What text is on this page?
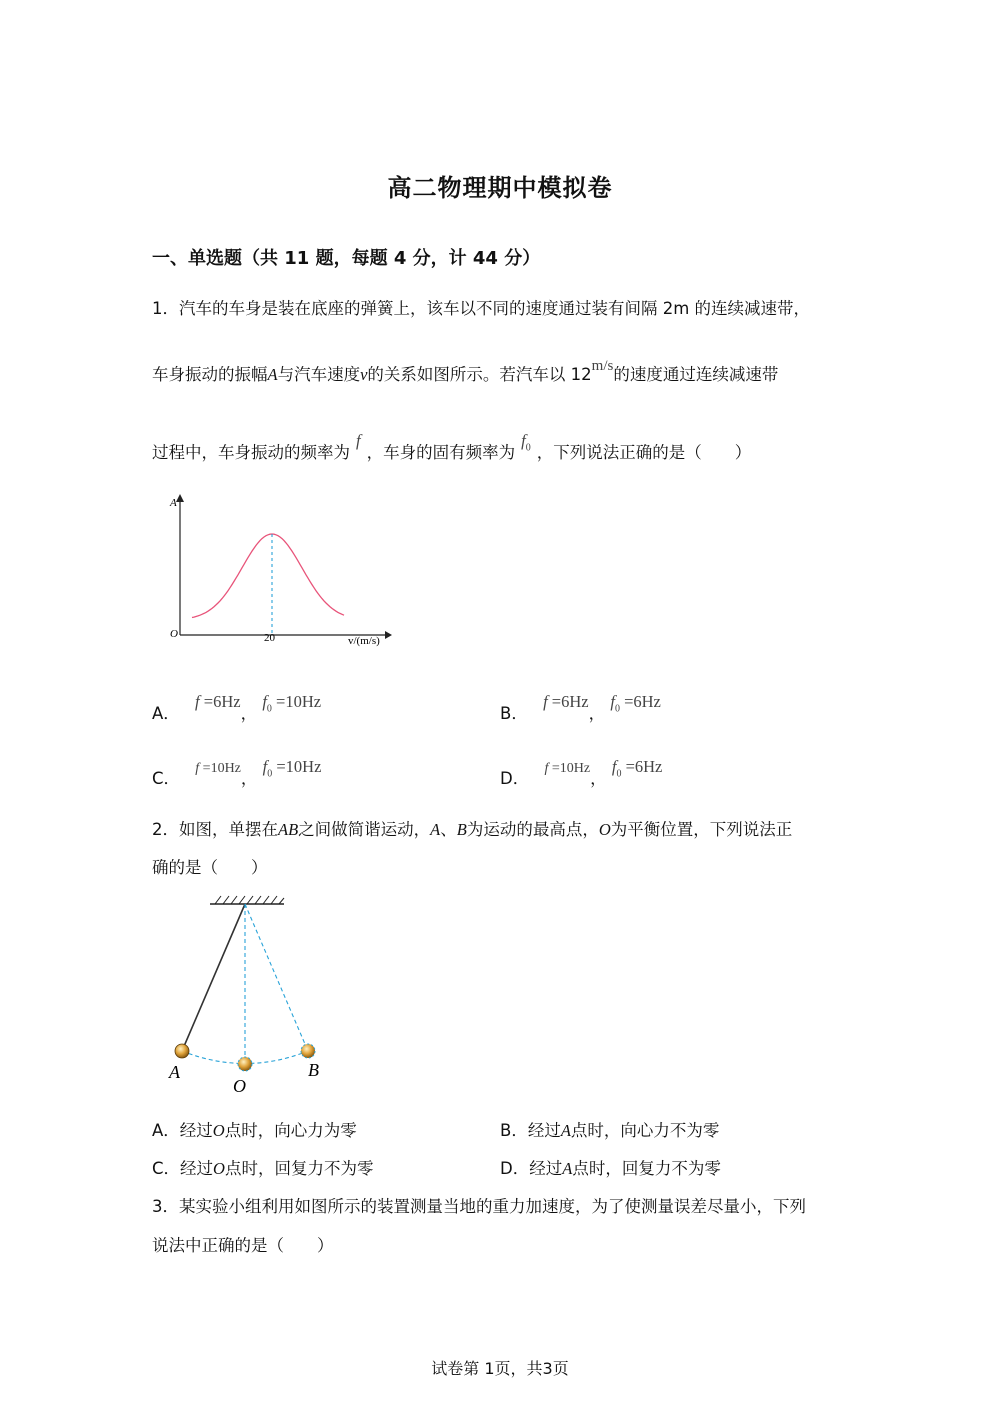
高二物理期中模拟卷
一、单选题（共 11 题，每题 4 分，计 44 分）
1．汽车的车身是装在底座的弹簧上，该车以不同的速度通过装有间隔 2m 的连续减速带，
车身振动的振幅A与汽车速度v的关系如图所示。若汽车以 12m/s的速度通过连续减速带
过程中，车身振动的频率为f，车身的固有频率为$f_0$ ，下列说法正确的是（　　）
A
O	20	v/(m/s)
A． f =6Hz， $f_0 =10Hz$
B． f =6Hz， $f_0 =6Hz$
C． $^{f =10Hz}$， $f_0 =10Hz$
D． $^{f =10Hz}$， $f_0 =6Hz$
2．如图，单摆在AB之间做简谐运动，A、B为运动的最高点，O为平衡位置，下列说法正
确的是（　　）
A
O
B
A．经过O点时，向心力为零	B．经过A点时，向心力不为零
C．经过O点时，回复力不为零	D．经过A点时，回复力不为零
3．某实验小组利用如图所示的装置测量当地的重力加速度，为了使测量误差尽量小，下列
说法中正确的是（　　）
试卷第 1页，共3页
